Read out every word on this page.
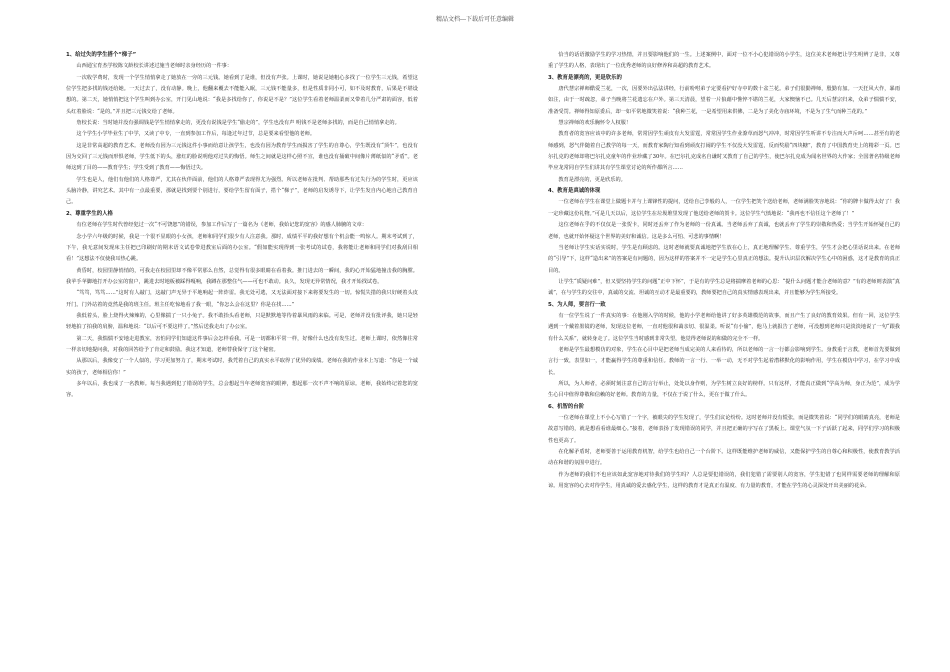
精品文档---下载后可任意编辑
1、给过失的学生搭个“梯子”

山西通宝育杰学校陈文龄校长讲述过施当老师时亲身经历的一件事：

一次收学费时，发现一个学生悄悄拿走了她放在一旁的三元钱。她看到了是谁，但没有声张。上课时，她说是她粗心多找了一位学生三元钱，希望这位学生把多找的钱还给她。一天过去了，没有动静。晚上，他翻来覆去不能能入眠，三元钱不能量多，但是性质非同小可，如不及时教育，后果是不堪设想的。第二天，她悄悄把这个学生叫到办公室，开门见山地说：“我是多找给你了，你说是不是？”这位学生看着老师温柔而又带着几分严肃的面容，低着头红着脸说：“是的。”并且把三元钱交给了老师。

詹校长说：当时她并没有强调钱是学生悄悄拿走的，更没有说钱是学生“偷走的”，学生也没有声 明钱不是老师多找的，而是自己悄悄拿走的。

这个学生小学毕业生了中学，又读了中专，一直到参加工作后，每逢过年过节，总是要来看望他的老师。

这是非常高超的教育艺术。老师没有因为三元钱这件小事而给意让孩学生，也没有因为教育学生而损害了学生的自尊心，学生既没有“顶牛”，也没有因为交回了三元钱而形惧老师，学生低下的头，涨红的脸说明他对过失的悔悟。师生之间就是这样心照不宣，谁也没有捅破中间像片薄纸似的“矛盾”。老师这到了目的——教育学生；学生受到了教育——悔悟过失。

学生也是人，他们有他们的人格尊严，尤其在伙伴面前，他们的人格尊严表现得尤为强烈。所以老师在批判、帮助那些有过失行为的学生时，更应该头脑冷静，讲究艺术。其中有一点最重要，那就是找到要个别进行，要给学生留有面子，搭个“梯子”，老师的启发诱导下，让学生发自内心地自己教育自己。

2、尊重学生的人格

有位老师在学生时代曾经犯过一次“不可饶恕”的错误，参加工作后写了一篇名为《老师，我始记您的宽容》的感人肺腑的文章：

念小学六年级的时候，我是一个很不显眼的小女孩，老师和同学们很少有人注意我。那时，成绩平平的我好想有个机会能一鸣惊人。期末考试到了，下午，我无意间发现床主任把已印刷好的期末语文试卷带进教室后面的办公室。“假如能实现得到一张考试的试卷，我将能让老师和同学们对我刮目相看！”这想法不仅使我耳热心跳。

黄昏时，校园里静悄悄的，可我走在校园里却不像平常那么自然，总觉得有很多眼睛在看着我。推门进去的一瞬间，我的心开始猛地撞击我的胸膛。我苹手苹脚地打开办公室的窗户，跳进去时地板被踩得嘎响，我蹲在那整住气——可也不敢动。良久，发现无异常情况，我才开始找试卷。

“笃笃，笃笃……”这时有人敲门，这敲门声无异于平地响起一阵炸雷。我无处可逃，又无法面对接下来将要发生的一切。惊慌失措的我只好硬着头皮开门。门外站着的竟然是我的班主任。班主任吃惊地看了我一眼，“你怎么会在这里？你是在找……”

我低着头，脸上烧得火辣辣的，心里像揣了一只小兔子。我不敢抬头看老师，只是默默地等待着暴风雨的来临。可是，老师并没有批评我，她只是轻轻地拍了拍我的肩膀，温和地说：“以后可不要这样了。”然后送我走出了办公室。

第二天，我惴惴不安地走进教室，害怕同学们知道这件事后会怎样看我。可是一切都和平常一样，好像什么也没有发生过。老师上课时，依然像往常一样亲切地提问我，对我的回答给予了肯定和鼓励。我这才知道，老师替我保守了这个秘密。

从那以后，我像变了一个人似的，学习更加努力了，期末考试时，我凭着自己的真实水平取得了优异的成绩。老师在我的作业本上写道：“你是一个诚实的孩子，老师相信你！”

多年以后，我也成了一名教师。每当我遇到犯了错误的学生，总会想起当年老师宽容的眼神，想起那一次不声不响的原谅。老师，我始终记着您的宽容。

恰当的话语激励学生的学习热情，并且要影响他们的一生。上述案例中，面对一位不小心犯错误的小学生，这位美术老师把让学生明辨了是非，又尊重了学生的人格，表现出了一位优秀老师的良好修养和高超的教育艺术。

3、教育是漂亮的，更是欣乐的

唐代慧宗禅师酷爱兰花，一次，因要外出弘法讲经，行前吩咐弟子定要看护好寺中的数十盆兰花。弟子们很勤禅师，殷勤有加。一天狂风大作，暴雨如注，由于一时疏忽，弟子当晚将兰花遗忘在户外。第三天清晨，望着一片狼藉中憔悴不堪的兰花，大家懊恼不已。几天后慧宗归来，众弟子惴惴不安，准备受罚。禅师得知原委后，却一如平常地微笑着说：“我种兰花，一是希望用来供佛，二是为了美化寺庙环境，不是为了生气而种兰花的。”

慧宗禅师的欢乐胸怀令人权服！

教育者的宽容应该中的许多老师，常常因学生顽皮有大发雷霆，常常因学生作业潦草而怒气冲冲，时常因学生听讲不专注而大声斥呵……甚至有的老师感到，怒气伴随着自己教学的每一天，而教育家陶行知看到顽皮打闹的学生不仅没大发雷霆，反而奖励“四块糖”，教育了中国教育史上的精彩一页。巴尔扎克的老师却将巴尔扎克童年的作业珍藏了30年。在巴尔扎克成名自谦时又教育了自己的学生，使巴尔扎克成为闻名世界的大作家；全国著名特级老师毕应龙常同自学生们讲其有学生课堂讨论的所作都所言……

教育是漂亮的，更是欣乐的。

4、教育是真诚的体现

一位老师在学生在课堂上做题卡并与上课锋性的提问，送给自己孪般的人，一位学生把笑个送给老师，老师满脸笑容地说：“你的牌卡做得太好了！我一定珍藏这份礼物。”可是几天以后，这位学生在垃圾堆里发现了他送给老师的贺卡。这位学生气愤地说：“我再也不信任这个老师了！”

这位老师在乎的不仅仅是一张贺卡，同时还丢弃了作为老师的一份真诚。当老师丢弃了真诚，也就丢弃了学生的崇敬和热爱；当学生开始怀疑自己的老师，也就开始怀疑这个世界的美好和诚信。这是多么可怕、可悲的事情啊！

当老师让学生实话实说时，学生是有顾虑的。这时老师就要真诚地把学生放在心上，真正地理解学生、尊重学生，学生才会把心里话说出来。在老师的“引导”下，这样“造出来”的答案是有问题的，因为这样的答案并不一定是学生心里真正的想法。提升认识层次解决学生心中的困惑，这才是教育的真正目的。

让学生“质疑问难”，但又要坚持学生的问题“正中下怀”，于是有的学生总是将揣摩着老师的心思：“提什么问题才能合老师的意？”有的老师则表演“真诚”，在与学生的交往中，真诚的交流、坦诚的互动才是最重要的，教师要把自己的真实情感表现出来，并且能够为学生所接受。

5、为人师，要言行一致

有一位学生说了一件真实的事：在他刚入学的时候，他的小学老师给他讲了好多英雄模范的故事，而且产生了良好的教育效果。但有一回，这位学生遇到一个戴着墨镜的老师，发现这位老师，一直对他很和蔼亲切、很温柔。听说“有小偷”，他马上就报告了老师，可没想到老师只是淡淡地说了一句“跟我有什么关系”，就转身走了。这位学生当时感到非常失望，他觉得老师说的和做的完全不一样。

老师是学生最想模仿的对象，学生在心目中是把老师当成完美的人来看待的，所以老师的一言一行都会影响到学生。身教重于言教，老师首先要做到言行一致，表里如一，才能赢得学生的尊重和信任。教师的一言一行、一举一动，无不对学生起着潜移默化的影响作用，学生在模仿中学习，在学习中成长。

所以，为人师者，必须时刻注意自己的言行举止，处处以身作则，为学生树立良好的榜样。只有这样，才能真正做到“学高为师，身正为范”，成为学生心目中值得尊敬和信赖的好老师。教育的力量，不仅在于说了什么，更在于做了什么。

6、机智的台阶

一位老师在课堂上不小心写错了一个字，被眼尖的学生发现了，学生们议论纷纷。这时老师并没有慌张，而是微笑着说：“同学们的眼睛真亮，老师是故意写错的，就是想看看谁最细心。”接着，老师表扬了发现错误的同学，并且把正确的字写在了黑板上。课堂气氛一下子活跃了起来，同学们学习的积极性也更高了。

在化解矛盾时，老师要善于运用教育机智，给学生也给自己一个台阶下。这样既能维护老师的威信，又能保护学生的自尊心和积极性，使教育教学活动在和谐的氛围中进行。

作为老师的我们不也应该如此宽容地对待我们的学生吗？人总是要犯错误的，我们犯错了需要别人的宽容，学生犯错了也同样需要老师的理解和原谅。用宽容的心去对待学生，用真诚的爱去感化学生，这样的教育才是真正有温度、有力量的教育，才能在学生的心灵深处开出美丽的花朵。
